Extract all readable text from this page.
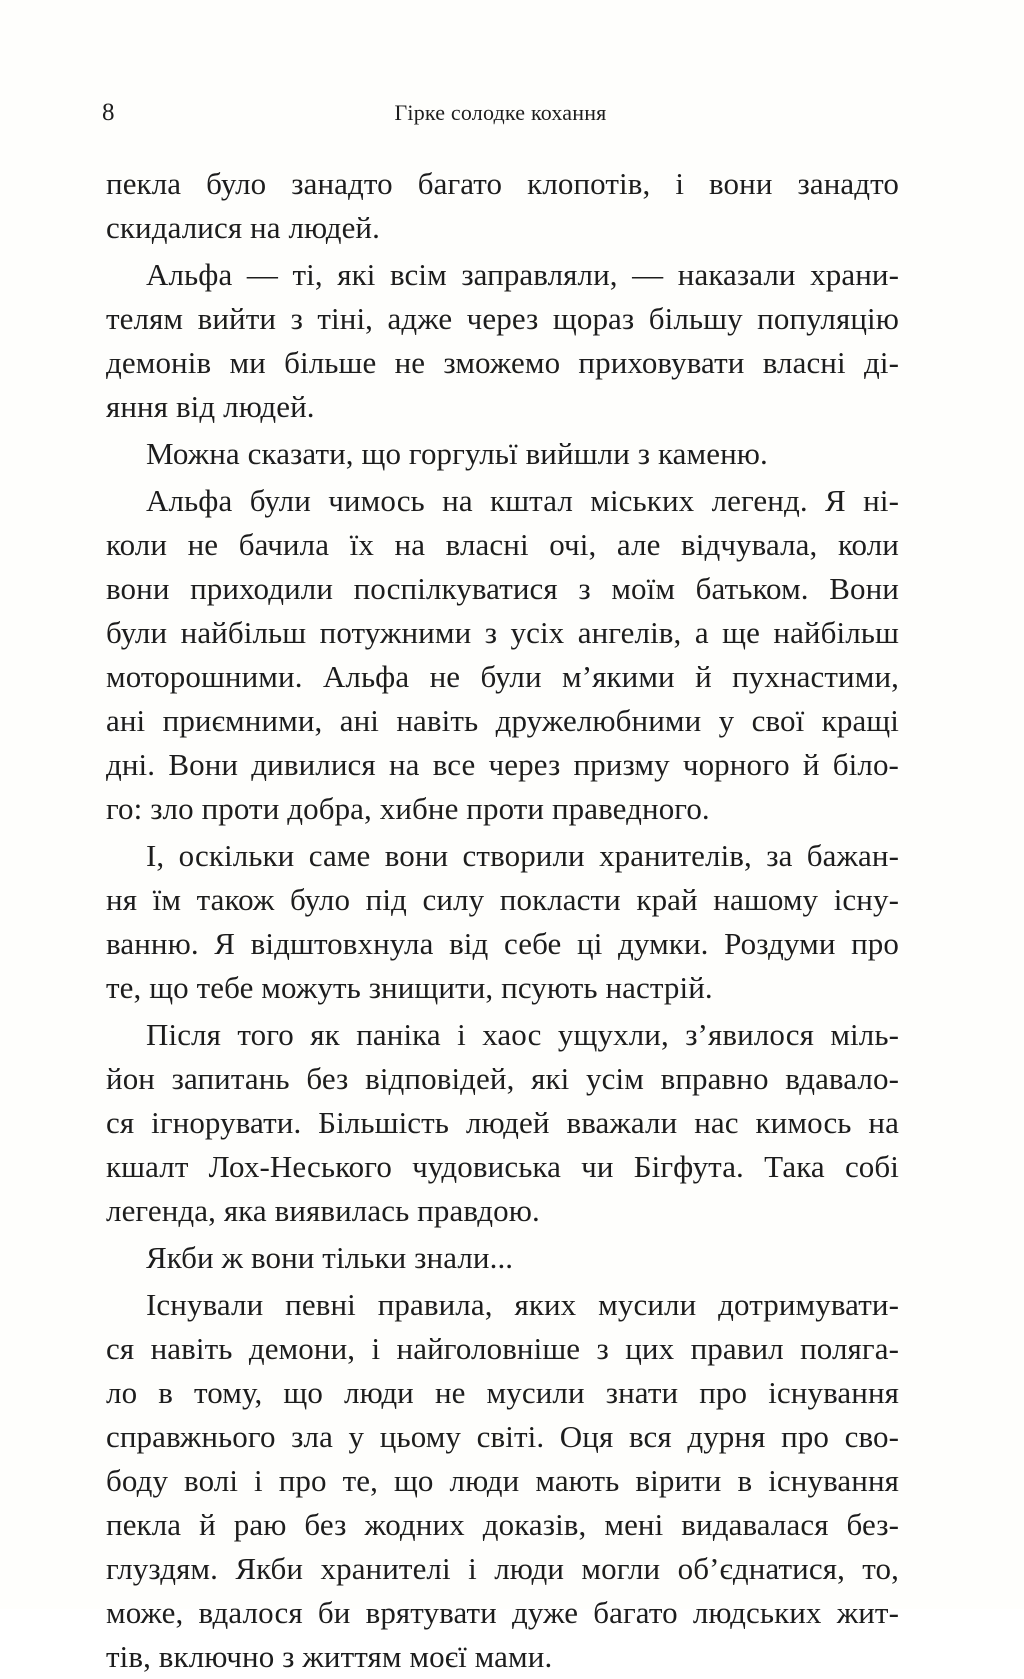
8	Гірке солодке кохання
пекла було занадто багато клопотів, і вони занадто
скидалися на людей.
Альфа — ті, які всім заправляли, — наказали храни-
телям вийти з тіні, адже через щораз більшу популяцію
демонів ми більше не зможемо приховувати власні ді-
яння від людей.
Можна сказати, що горгульї вийшли з каменю.
Альфа були чимось на кштал міських легенд. Я ні-
коли не бачила їх на власні очі, але відчувала, коли
вони приходили поспілкуватися з моїм батьком. Вони
були найбільш потужними з усіх ангелів, а ще найбільш
моторошними. Альфа не були м’якими й пухнастими,
ані приємними, ані навіть дружелюбними у свої кращі
дні. Вони дивилися на все через призму чорного й біло-
го: зло проти добра, хибне проти праведного.
І, оскільки саме вони створили хранителів, за бажан-
ня їм також було під силу покласти край нашому існу-
ванню. Я відштовхнула від себе ці думки. Роздуми про
те, що тебе можуть знищити, псують настрій.
Після того як паніка і хаос ущухли, з’явилося міль-
йон запитань без відповідей, які усім вправно вдавало-
ся ігнорувати. Більшість людей вважали нас кимось на
кшалт Лох-Неського чудовиська чи Бігфута. Така собі
легенда, яка виявилась правдою.
Якби ж вони тільки знали...
Існували певні правила, яких мусили дотримувати-
ся навіть демони, і найголовніше з цих правил поляга-
ло в тому, що люди не мусили знати про існування
справжнього зла у цьому світі. Оця вся дурня про сво-
боду волі і про те, що люди мають вірити в існування
пекла й раю без жодних доказів, мені видавалася без-
глуздям. Якби хранителі і люди могли об’єднатися, то,
може, вдалося би врятувати дуже багато людських жит-
тів, включно з життям моєї мами.
